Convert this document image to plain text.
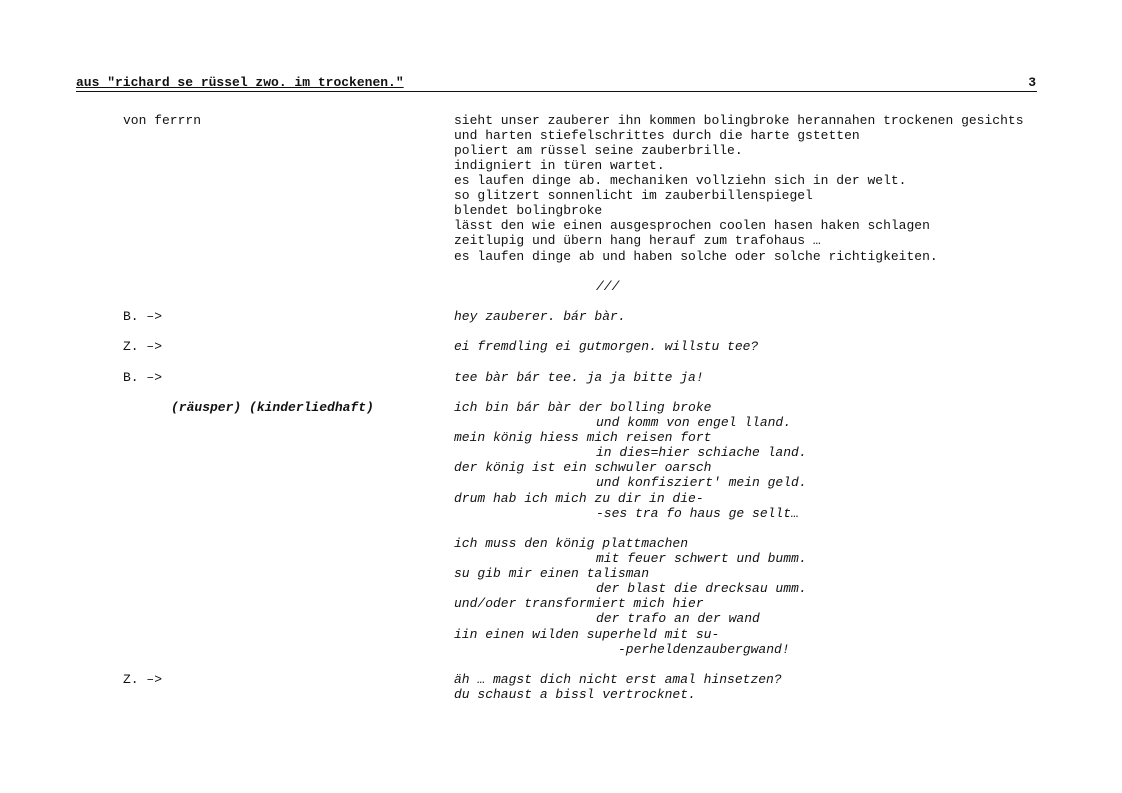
aus "richard se rüssel zwo. im trockenen."	3
von ferrrn	sieht unser zauberer ihn kommen bolingbroke herannahen trockenen gesichts
und harten stiefelschrittes durch die harte gstetten
poliert am rüssel seine zauberbrille.
indigniert in türen wartet.
es laufen dinge ab. mechaniken vollziehn sich in der welt.
so glitzert sonnenlicht im zauberbillenspiegel
blendet bolingbroke
lässt den wie einen ausgesprochen coolen hasen haken schlagen
zeitlupig und übern hang herauf zum trafohaus …
es laufen dinge ab und haben solche oder solche richtigkeiten.
///
B. –>	hey zauberer. bár bàr.
Z. –>	ei fremdling ei gutmorgen. willstu tee?
B. –>	tee bàr bár tee. ja ja bitte ja!
(räusper) (kinderliedhaft)	ich bin bár bàr der bolling broke
und komm von engel lland.
mein könig hiess mich reisen fort
in dies=hier schiache land.
der könig ist ein schwuler oarsch
und konfisziert' mein geld.
drum hab ich mich zu dir in die-
-ses tra fo haus ge sellt…
ich muss den könig plattmachen
mit feuer schwert und bumm.
su gib mir einen talisman
der blast die drecksau umm.
und/oder transformiert mich hier
der trafo an der wand
iin einen wilden superheld mit su-
-perheldenzaubergwand!
Z. –>	äh … magst dich nicht erst amal hinsetzen?
du schaust a bissl vertrocknet.
